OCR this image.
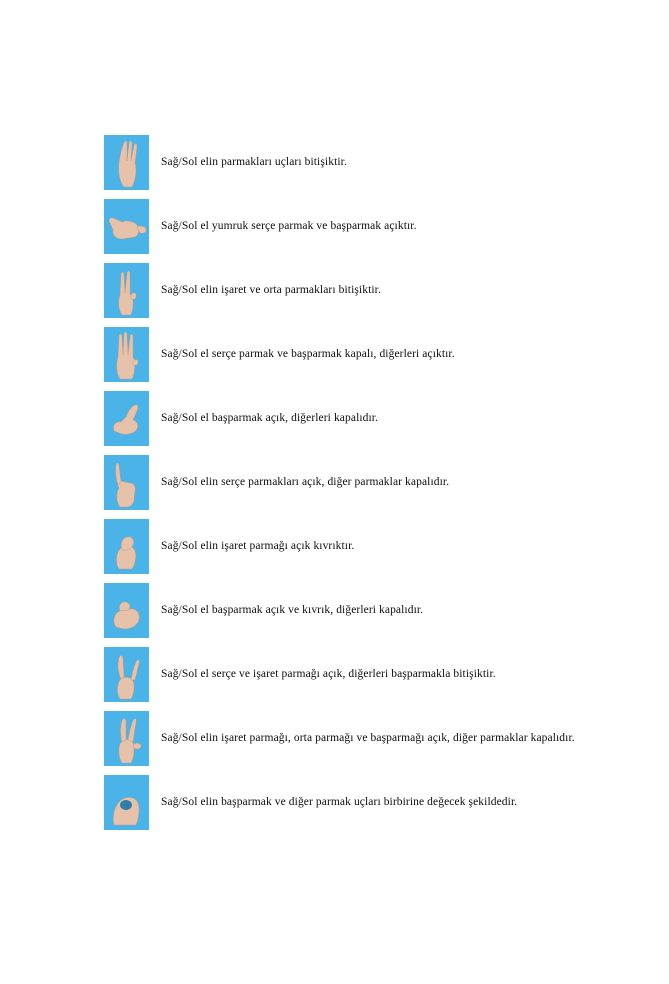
Sağ/Sol elin parmakları uçları bitişiktir.
Sağ/Sol el yumruk serçe parmak ve başparmak açıktır.
Sağ/Sol elin işaret ve orta parmakları bitişiktir.
Sağ/Sol el serçe parmak ve başparmak kapalı, diğerleri açıktır.
Sağ/Sol el başparmak açık, diğerleri kapalıdır.
Sağ/Sol elin serçe parmakları açık, diğer parmaklar kapalıdır.
Sağ/Sol elin işaret parmağı açık kıvrıktır.
Sağ/Sol el başparmak açık ve kıvrık, diğerleri kapalıdır.
Sağ/Sol el serçe ve işaret parmağı açık, diğerleri başparmakla bitişiktir.
Sağ/Sol elin işaret parmağı, orta parmağı ve başparmağı açık, diğer parmaklar kapalıdır.
Sağ/Sol elin başparmak ve diğer parmak uçları birbirine değecek şekildedir.
